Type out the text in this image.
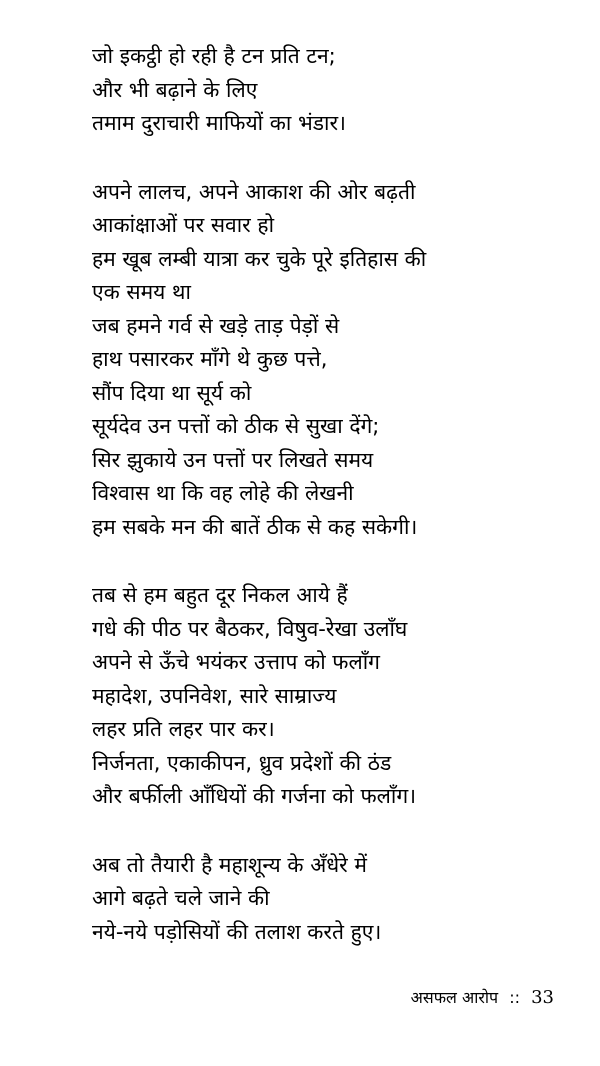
जो इकट्ठी हो रही है टन प्रति टन;
और भी बढ़ाने के लिए
तमाम दुराचारी माफियों का भंडार।
अपने लालच, अपने आकाश की ओर बढ़ती
आकांक्षाओं पर सवार हो
हम खूब लम्बी यात्रा कर चुके पूरे इतिहास की
एक समय था
जब हमने गर्व से खड़े ताड़ पेड़ों से
हाथ पसारकर माँगे थे कुछ पत्ते,
सौंप दिया था सूर्य को
सूर्यदेव उन पत्तों को ठीक से सुखा देंगे;
सिर झुकाये उन पत्तों पर लिखते समय
विश्वास था कि वह लोहे की लेखनी
हम सबके मन की बातें ठीक से कह सकेगी।
तब से हम बहुत दूर निकल आये हैं
गधे की पीठ पर बैठकर, विषुव-रेखा उलाँघ
अपने से ऊँचे भयंकर उत्ताप को फलाँग
महादेश, उपनिवेश, सारे साम्राज्य
लहर प्रति लहर पार कर।
निर्जनता, एकाकीपन, ध्रुव प्रदेशों की ठंड
और बर्फीली आँधियों की गर्जना को फलाँग।
अब तो तैयारी है महाशून्य के अँधेरे में
आगे बढ़ते चले जाने की
नये-नये पड़ोसियों की तलाश करते हुए।
असफल आरोप :: 33
